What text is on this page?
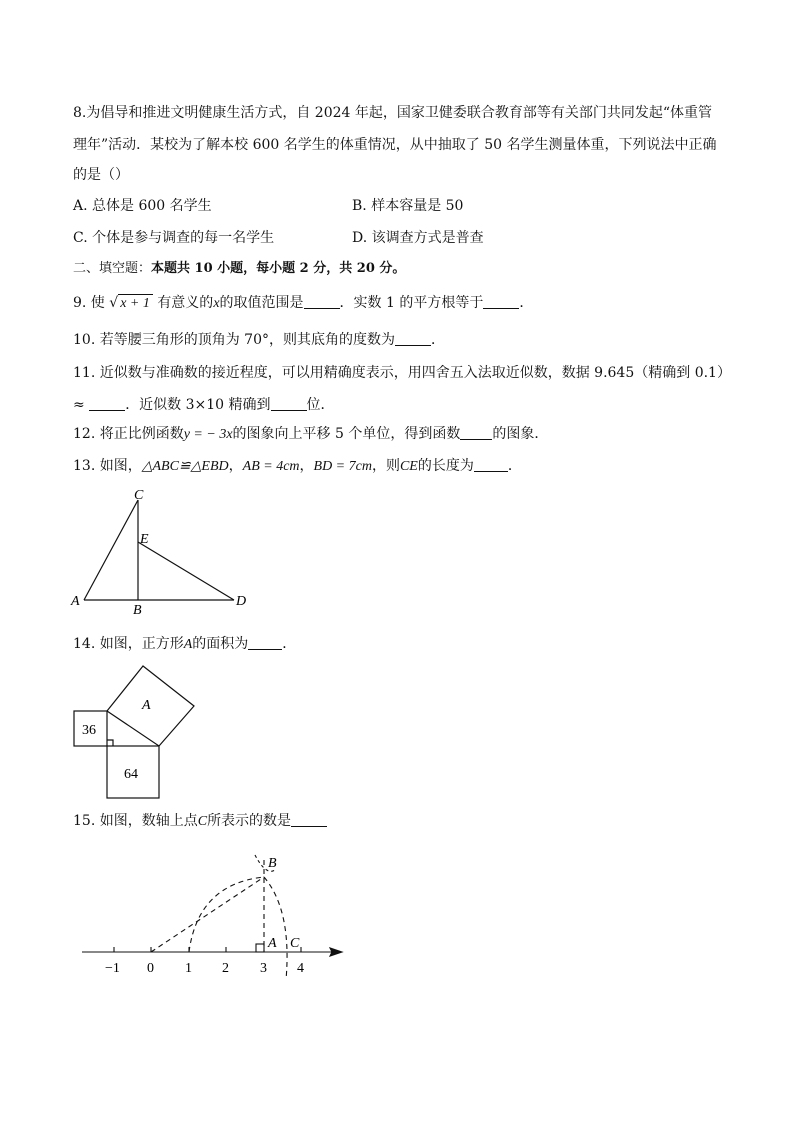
8.为倡导和推进文明健康生活方式，自 2024 年起，国家卫健委联合教育部等有关部门共同发起“体重管
理年”活动．某校为了解本校 600 名学生的体重情况，从中抽取了 50 名学生测量体重，下列说法中正确
的是（）
A. 总体是 600 名学生	B. 样本容量是 50
C. 个体是参与调查的每一名学生	D. 该调查方式是普查
二、填空题：本题共 10 小题，每小题 2 分，共 20 分。
9. 使 √ x + 1 有意义的x的取值范围是	．实数 1 的平方根等于	．
10. 若等腰三角形的顶角为 70°，则其底角的度数为	．
11. 近似数与准确数的接近程度，可以用精确度表示，用四舍五入法取近似数，数据 9.645（精确到 0.1）
≈	．近似数 3×10 精确到	位．
12. 将正比例函数y = − 3x的图象向上平移 5 个单位，得到函数 的图象．
13. 如图，△ABC≌△EBD，AB = 4cm，BD = 7cm，则CE的长度为 ．
C
E
A
B
D
14. 如图，正方形A的面积为 ．
A
36
64
15. 如图，数轴上点C所表示的数是
B
A C
−1 0 1 2 3 4
